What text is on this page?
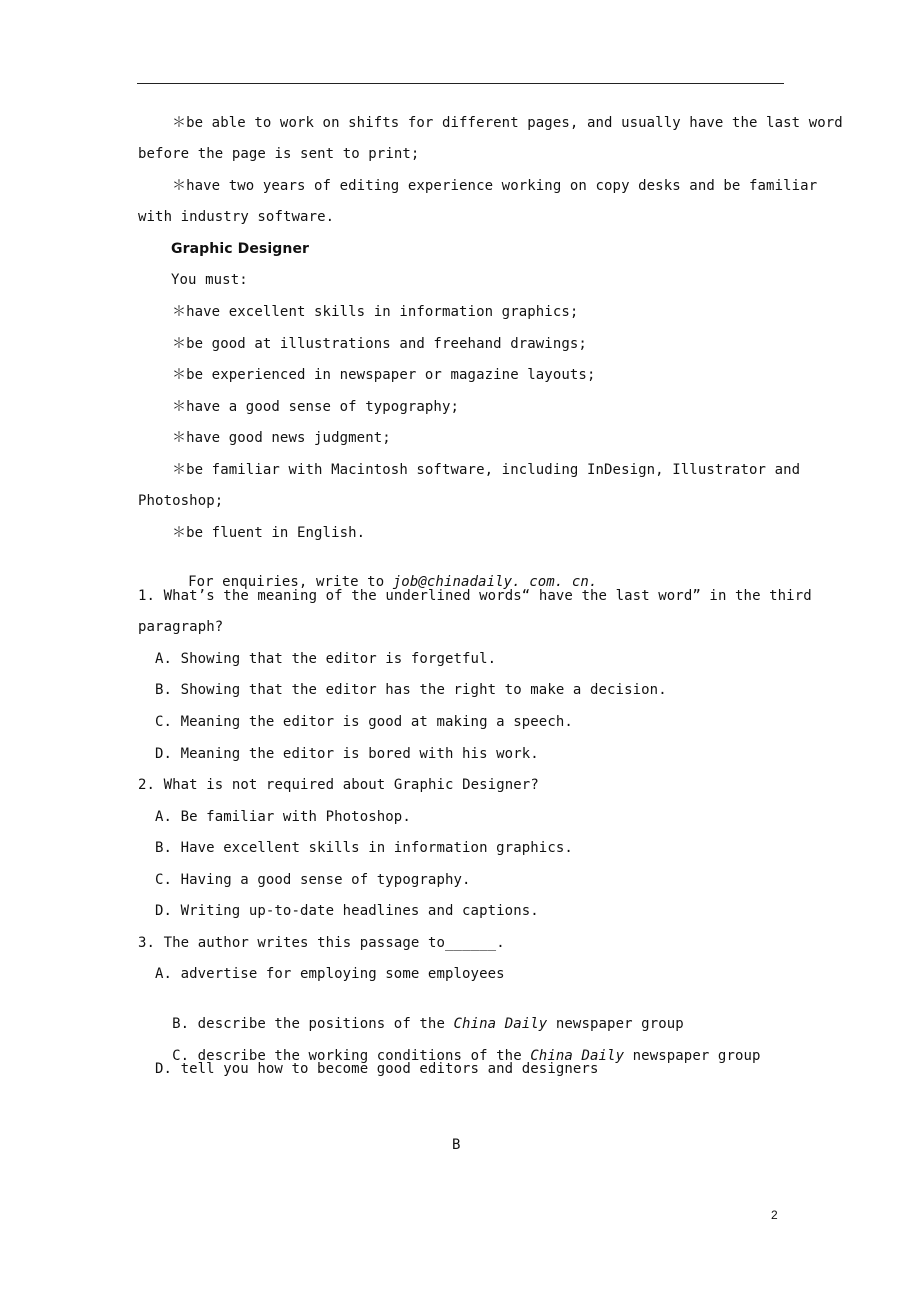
＊be able to work on shifts for different pages, and usually have the last word
before the page is sent to print;
＊have two years of editing experience working on copy desks and be familiar
with industry software.
Graphic Designer
You must:
＊have excellent skills in information graphics;
＊be good at illustrations and freehand drawings;
＊be experienced in newspaper or magazine layouts;
＊have a good sense of typography;
＊have good news judgment;
＊be familiar with Macintosh software, including InDesign, Illustrator and
Photoshop;
＊be fluent in English.

For enquiries, write to job@chinadaily. com. cn.

1. What’s the meaning of the underlined words“ have the last word” in the third
paragraph?
A. Showing that the editor is forgetful.
B. Showing that the editor has the right to make a decision.
C. Meaning the editor is good at making a speech.
D. Meaning the editor is bored with his work.
2. What is not required about Graphic Designer?
A. Be familiar with Photoshop.
B. Have excellent skills in information graphics.
C. Having a good sense of typography.
D. Writing up-to-date headlines and captions.
3. The author writes this passage to______.
A. advertise for employing some employees

B. describe the positions of the China Daily newspaper group

C. describe the working conditions of the China Daily newspaper group

D. tell you how to become good editors and designers
B
2
